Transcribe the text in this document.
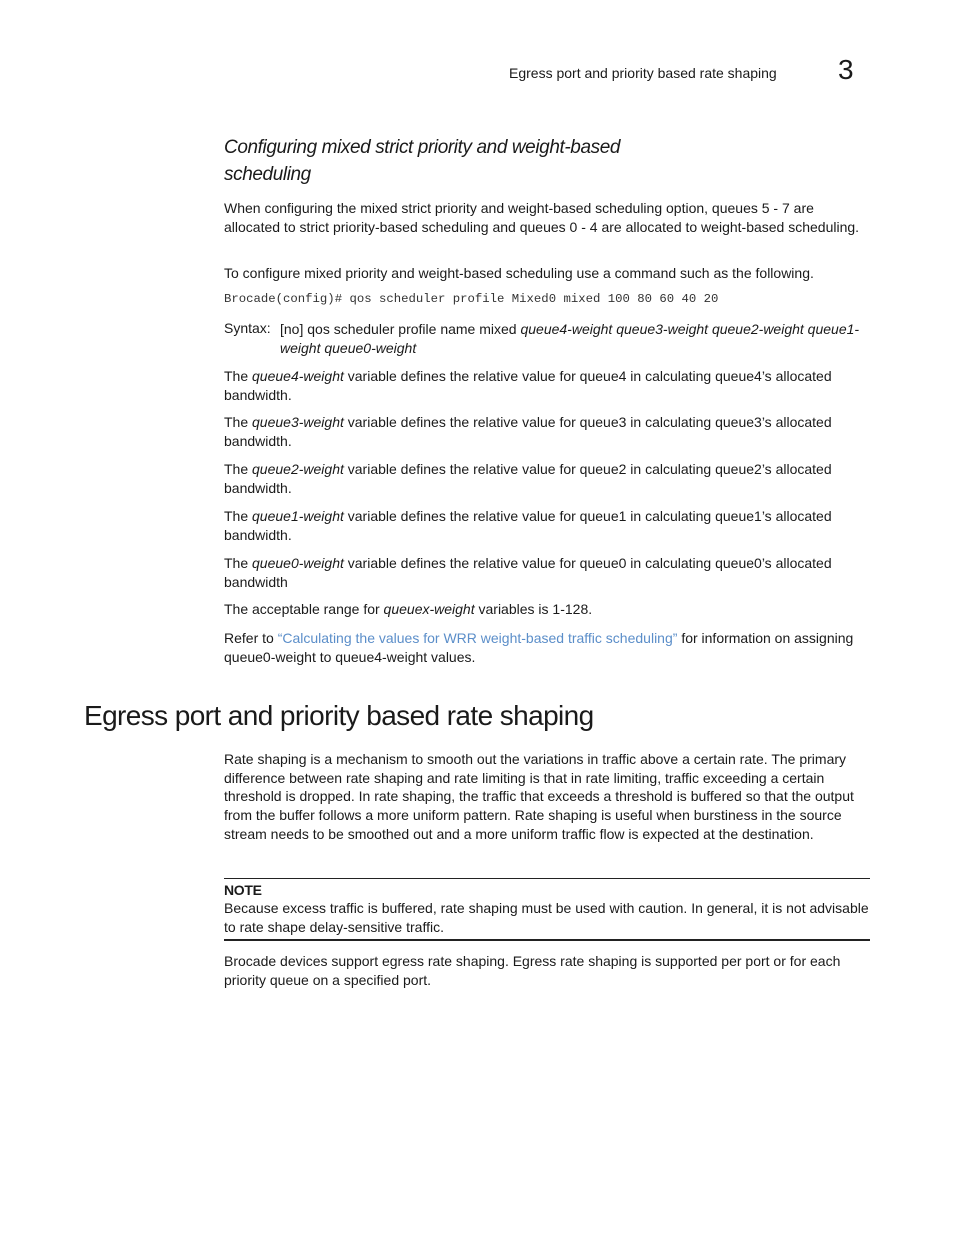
Egress port and priority based rate shaping 3
Configuring mixed strict priority and weight-based scheduling
When configuring the mixed strict priority and weight-based scheduling option, queues 5 - 7 are allocated to strict priority-based scheduling and queues 0 - 4 are allocated to weight-based scheduling.
To configure mixed priority and weight-based scheduling use a command such as the following.
Brocade(config)# qos scheduler profile Mixed0 mixed 100 80 60 40 20
Syntax: [no] qos scheduler profile name mixed queue4-weight queue3-weight queue2-weight queue1-weight queue0-weight
The queue4-weight variable defines the relative value for queue4 in calculating queue4’s allocated bandwidth.
The queue3-weight variable defines the relative value for queue3 in calculating queue3’s allocated bandwidth.
The queue2-weight variable defines the relative value for queue2 in calculating queue2’s allocated bandwidth.
The queue1-weight variable defines the relative value for queue1 in calculating queue1’s allocated bandwidth.
The queue0-weight variable defines the relative value for queue0 in calculating queue0’s allocated bandwidth
The acceptable range for queuex-weight variables is 1-128.
Refer to “Calculating the values for WRR weight-based traffic scheduling” for information on assigning queue0-weight to queue4-weight values.
Egress port and priority based rate shaping
Rate shaping is a mechanism to smooth out the variations in traffic above a certain rate. The primary difference between rate shaping and rate limiting is that in rate limiting, traffic exceeding a certain threshold is dropped. In rate shaping, the traffic that exceeds a threshold is buffered so that the output from the buffer follows a more uniform pattern. Rate shaping is useful when burstiness in the source stream needs to be smoothed out and a more uniform traffic flow is expected at the destination.
NOTE
Because excess traffic is buffered, rate shaping must be used with caution. In general, it is not advisable to rate shape delay-sensitive traffic.
Brocade devices support egress rate shaping. Egress rate shaping is supported per port or for each priority queue on a specified port.
